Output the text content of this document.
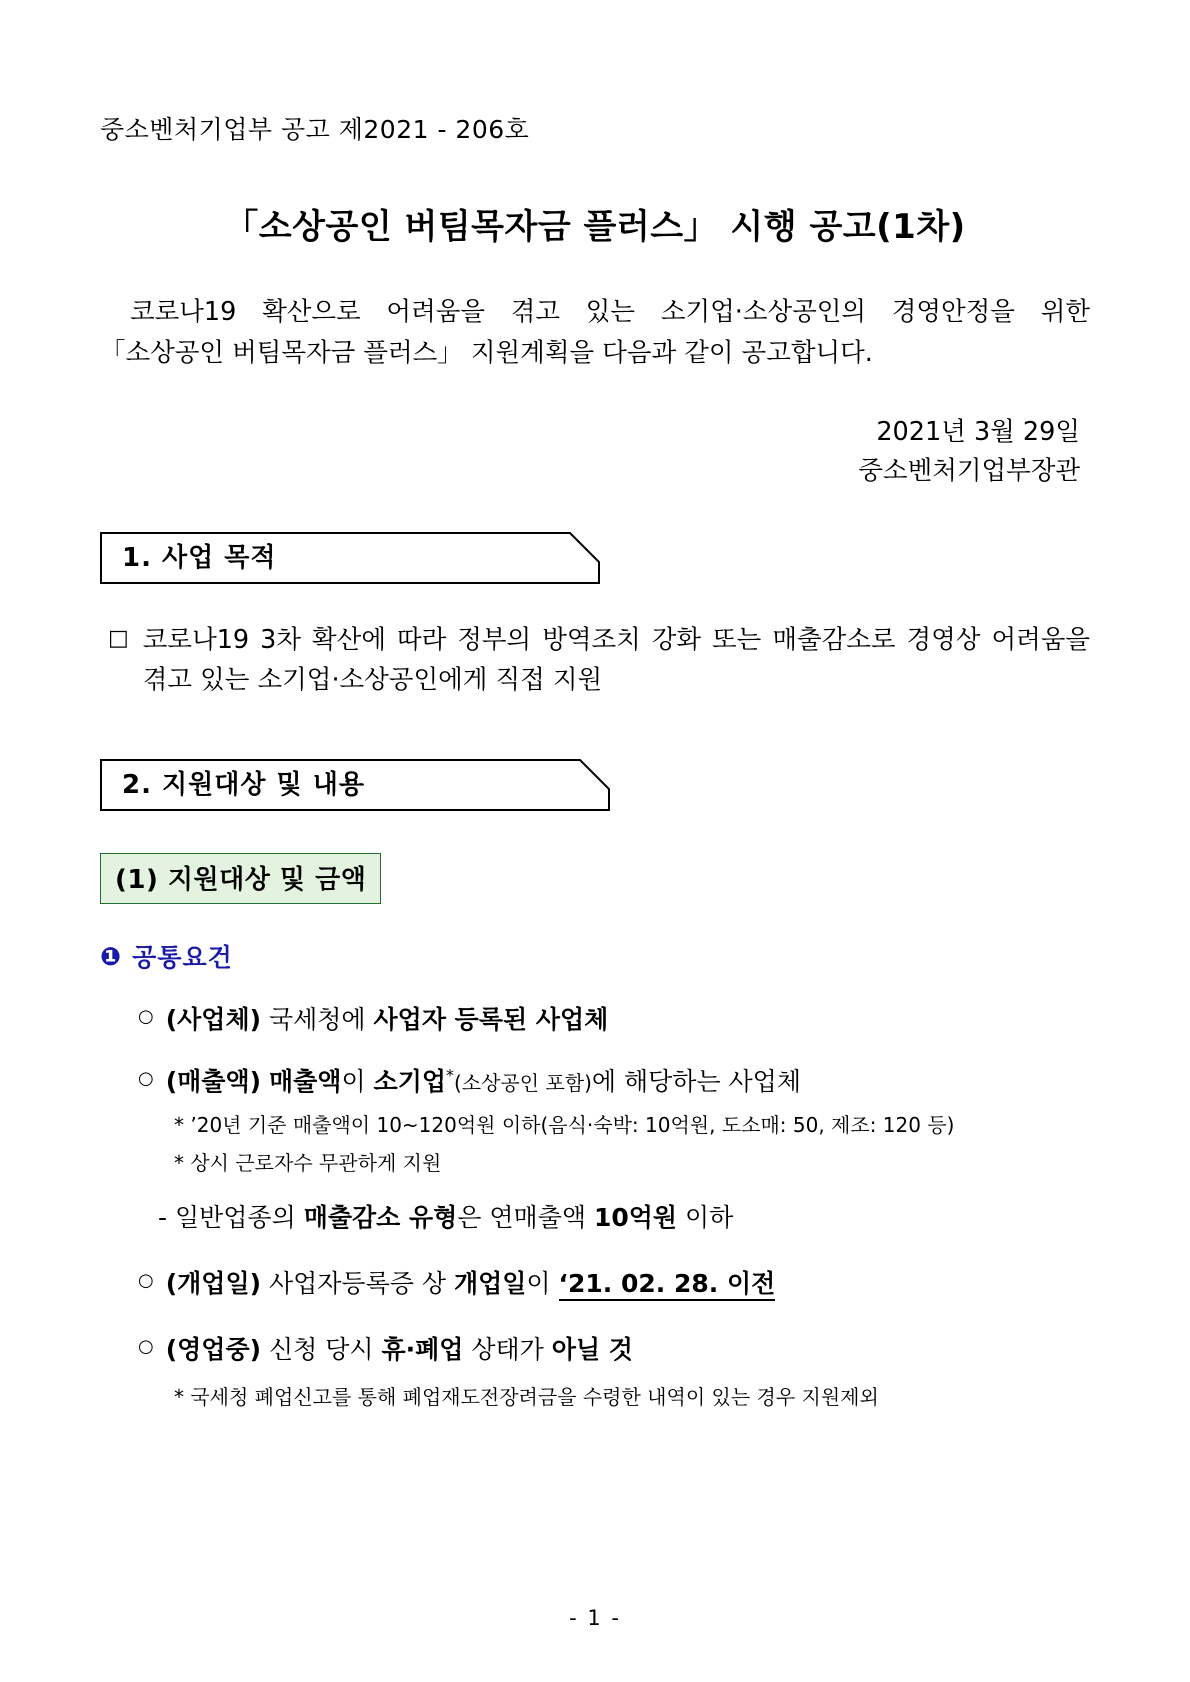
중소벤처기업부 공고 제2021 - 206호
「소상공인 버팀목자금 플러스」 시행 공고(1차)

코로나19 확산으로 어려움을 겪고 있는 소기업·소상공인의 경영안정을 위한 「소상공인 버팀목자금 플러스」 지원계획을 다음과 같이 공고합니다.

2021년 3월 29일
중소벤처기업부장관
1. 사업 목적
□ 코로나19 3차 확산에 따라 정부의 방역조치 강화 또는 매출감소로 경영상 어려움을 겪고 있는 소기업·소상공인에게 직접 지원
2. 지원대상 및 내용
(1) 지원대상 및 금액
❶ 공통요건
○ (사업체) 국세청에 사업자 등록된 사업체
○ (매출액) 매출액이 소기업*(소상공인 포함)에 해당하는 사업체
* ’20년 기준 매출액이 10~120억원 이하(음식·숙박: 10억원, 도소매: 50, 제조: 120 등)
* 상시 근로자수 무관하게 지원
- 일반업종의 매출감소 유형은 연매출액 10억원 이하
○ (개업일) 사업자등록증 상 개업일이 ‘21. 02. 28. 이전
○ (영업중) 신청 당시 휴·폐업 상태가 아닐 것
* 국세청 폐업신고를 통해 폐업재도전장려금을 수령한 내역이 있는 경우 지원제외
- 1 -
